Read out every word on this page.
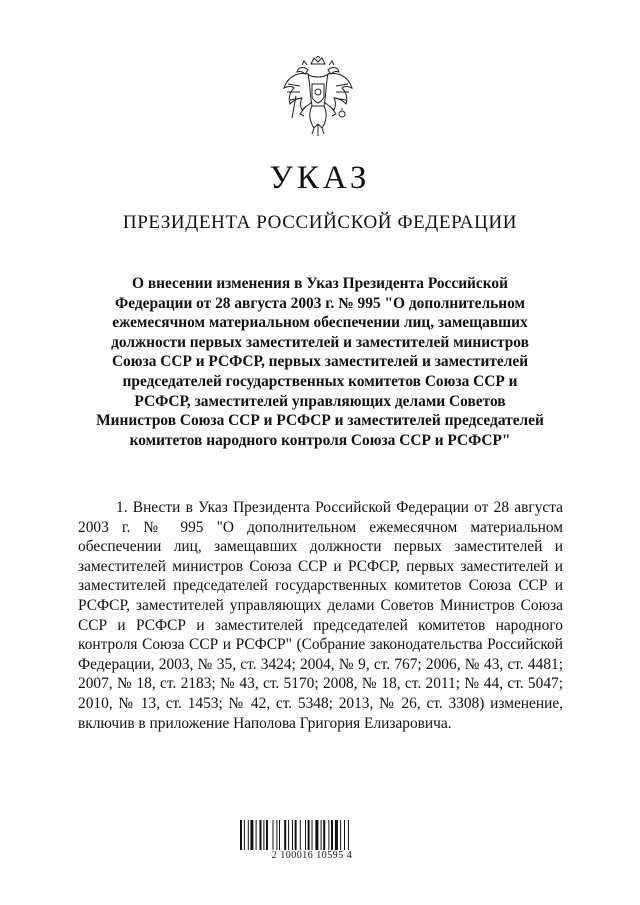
УКАЗ
ПРЕЗИДЕНТА РОССИЙСКОЙ ФЕДЕРАЦИИ

О внесении изменения в Указ Президента Российской Федерации от 28 августа 2003 г. № 995 "О дополнительном ежемесячном материальном обеспечении лиц, замещавших должности первых заместителей и заместителей министров Союза ССР и РСФСР, первых заместителей и заместителей председателей государственных комитетов Союза ССР и РСФСР, заместителей управляющих делами Советов Министров Союза ССР и РСФСР и заместителей председателей комитетов народного контроля Союза ССР и РСФСР"

1. Внести в Указ Президента Российской Федерации от 28 августа 2003 г. № 995 "О дополнительном ежемесячном материальном обеспечении лиц, замещавших должности первых заместителей и заместителей министров Союза ССР и РСФСР, первых заместителей и заместителей председателей государственных комитетов Союза ССР и РСФСР, заместителей управляющих делами Советов Министров Союза ССР и РСФСР и заместителей председателей комитетов народного контроля Союза ССР и РСФСР" (Собрание законодательства Российской Федерации, 2003, № 35, ст. 3424; 2004, № 9, ст. 767; 2006, № 43, ст. 4481; 2007, № 18, ст. 2183; № 43, ст. 5170; 2008, № 18, ст. 2011; № 44, ст. 5047; 2010, № 13, ст. 1453; № 42, ст. 5348; 2013, № 26, ст. 3308) изменение, включив в приложение Наполова Григория Елизаровича.

2 100016 10595 4
